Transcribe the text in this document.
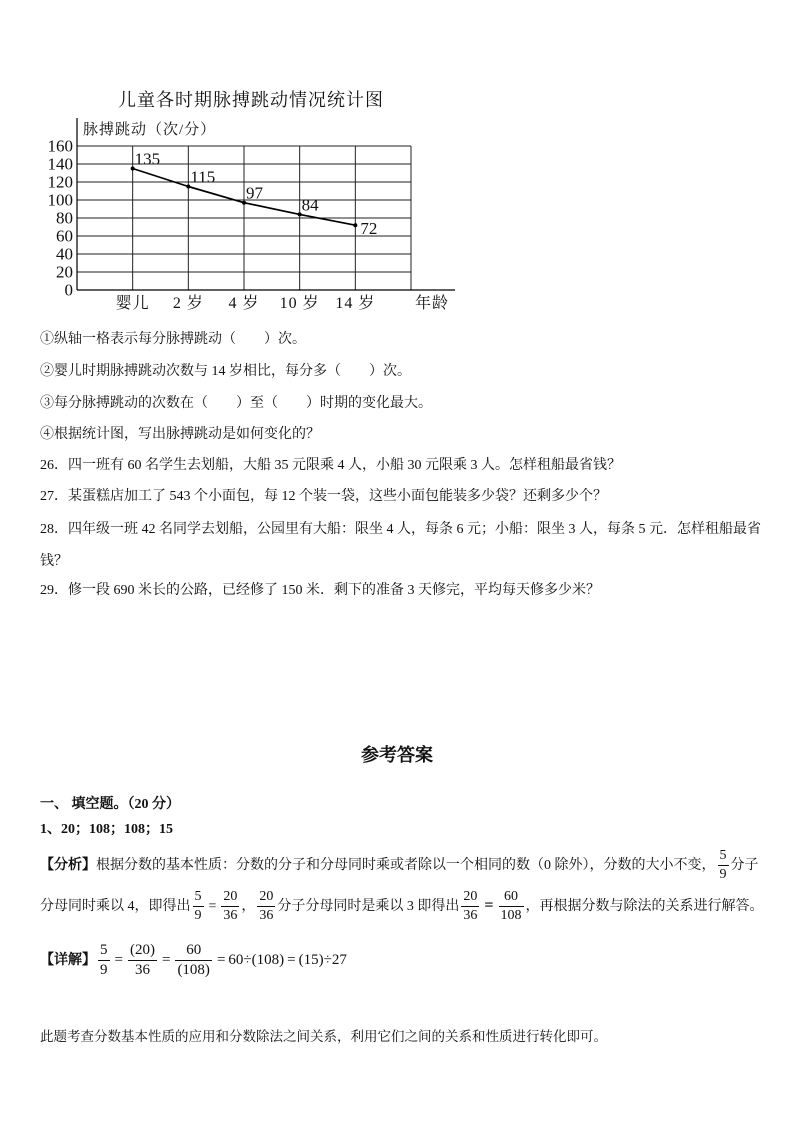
儿童各时期脉搏跳动情况统计图
脉搏跳动（次/分）
年龄
0
20
40
60
80
100
120
140
160
婴儿 2 岁 4 岁 10 岁 14 岁
135
115
97
84
72
①纵轴一格表示每分脉搏跳动（　　）次。
②婴儿时期脉搏跳动次数与 14 岁相比，每分多（　　）次。
③每分脉搏跳动的次数在（　　）至（　　）时期的变化最大。
④根据统计图，写出脉搏跳动是如何变化的？
26．四一班有 60 名学生去划船，大船 35 元限乘 4 人，小船 30 元限乘 3 人。怎样租船最省钱？
27．某蛋糕店加工了 543 个小面包，每 12 个装一袋，这些小面包能装多少袋？还剩多少个？
28．四年级一班 42 名同学去划船，公园里有大船：限坐 4 人，每条 6 元；小船：限坐 3 人，每条 5 元．怎样租船最省
钱？
29．修一段 690 米长的公路，已经修了 150 米．剩下的准备 3 天修完，平均每天修多少米？
参考答案
一、 填空题。（20 分）
1、20；108；108；15
【分析】根据分数的基本性质：分数的分子和分母同时乘或者除以一个相同的数（0 除外），分数的大小不变， $\frac{5}{9}$ 分子
分母同时乘以 4，即得出 $\frac{5}{9} = \frac{20}{36}$ ， $\frac{20}{36}$ 分子分母同时是乘以 3 即得出 $\frac{20}{36} = \frac{60}{108}$ ，再根据分数与除法的关系进行解答。
【详解】 $\frac{5}{9} = \frac{(20)}{36} = \frac{60}{(108)} = 60\div(108) = (15)\div 27$
此题考查分数基本性质的应用和分数除法之间关系，利用它们之间的关系和性质进行转化即可。
